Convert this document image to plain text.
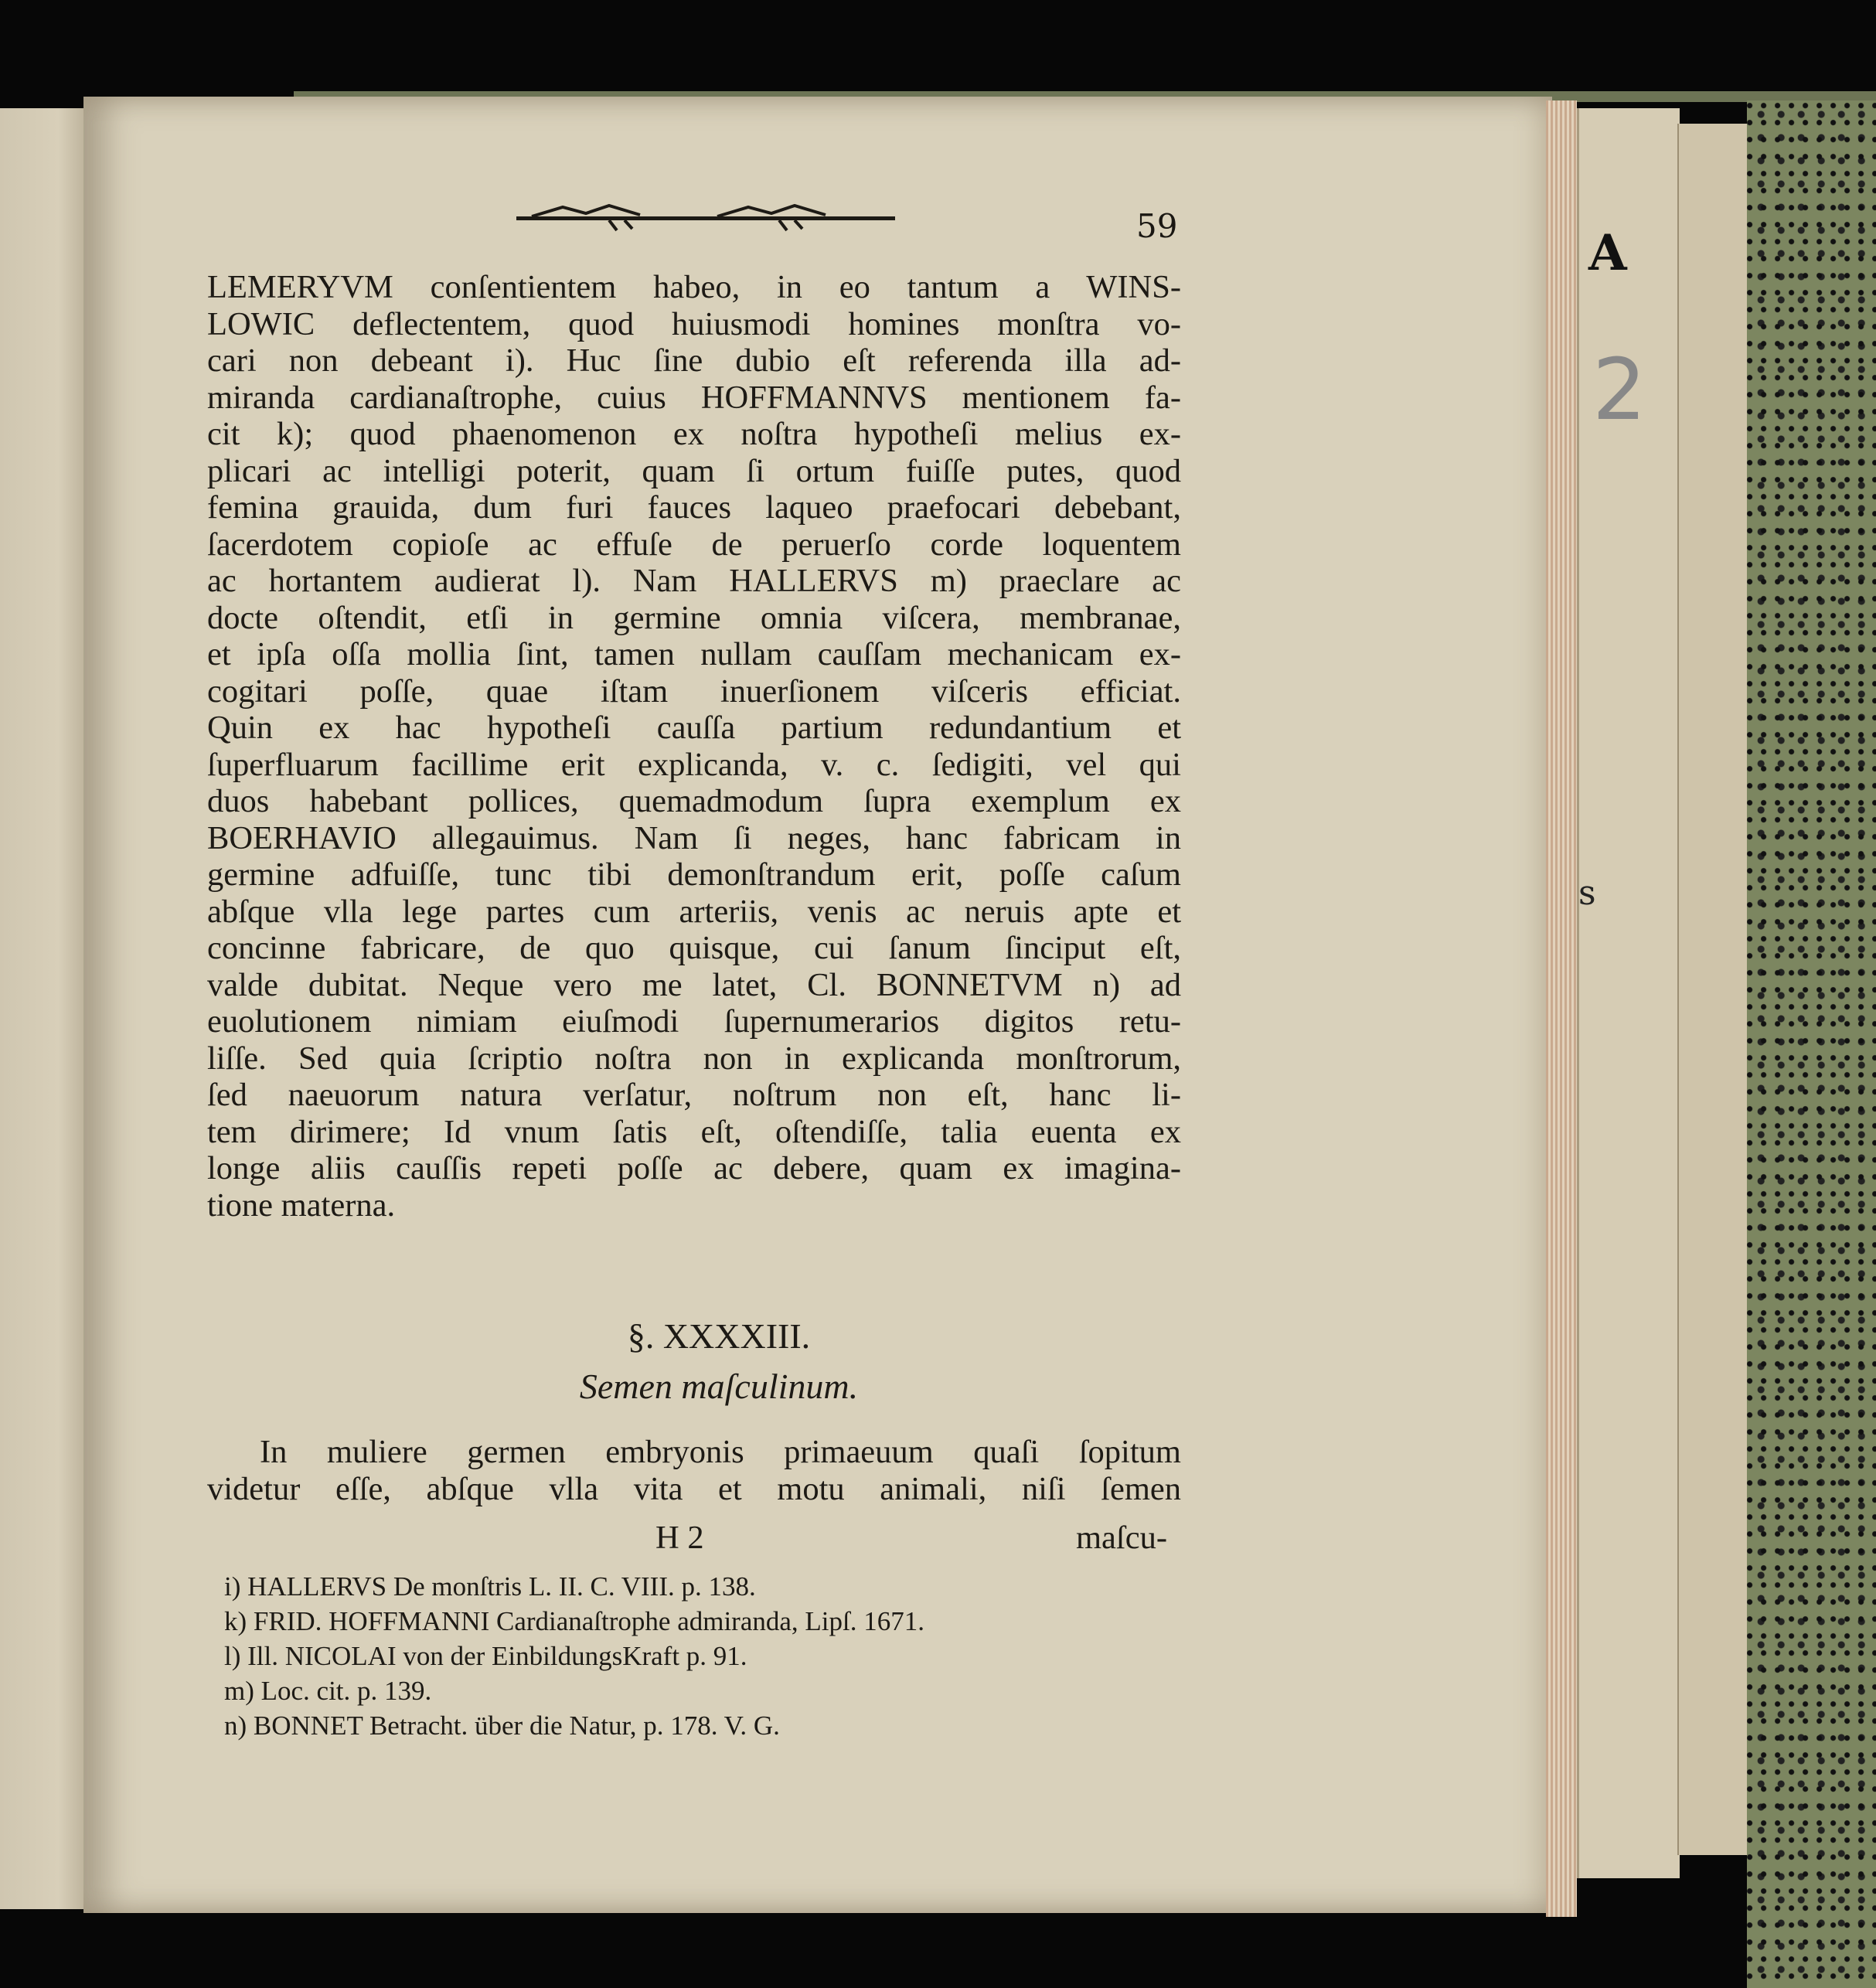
A
2
s
59
LEMERYVM conſentientem habeo, in eo tantum a WINS-
LOWIC deflectentem, quod huiusmodi homines monſtra vo-
cari non debeant i). Huc ſine dubio eſt referenda illa ad-
miranda cardianaſtrophe, cuius HOFFMANNVS mentionem fa-
cit k); quod phaenomenon ex noſtra hypotheſi melius ex-
plicari ac intelligi poterit, quam ſi ortum fuiſſe putes, quod
femina grauida, dum furi fauces laqueo praefocari debebant,
ſacerdotem copioſe ac effuſe de peruerſo corde loquentem
ac hortantem audierat l). Nam HALLERVS m) praeclare ac
docte oſtendit, etſi in germine omnia viſcera, membranae,
et ipſa oſſa mollia ſint, tamen nullam cauſſam mechanicam ex-
cogitari poſſe, quae iſtam inuerſionem viſceris efficiat.
Quin ex hac hypotheſi cauſſa partium redundantium et
ſuperfluarum facillime erit explicanda, v. c. ſedigiti, vel qui
duos habebant pollices, quemadmodum ſupra exemplum ex
BOERHAVIO allegauimus. Nam ſi neges, hanc fabricam in
germine adfuiſſe, tunc tibi demonſtrandum erit, poſſe caſum
abſque vlla lege partes cum arteriis, venis ac neruis apte et
concinne fabricare, de quo quisque, cui ſanum ſinciput eſt,
valde dubitat. Neque vero me latet, Cl. BONNETVM n) ad
euolutionem nimiam eiuſmodi ſupernumerarios digitos retu-
liſſe. Sed quia ſcriptio noſtra non in explicanda monſtrorum,
ſed naeuorum natura verſatur, noſtrum non eſt, hanc li-
tem dirimere; Id vnum ſatis eſt, oſtendiſſe, talia euenta ex
longe aliis cauſſis repeti poſſe ac debere, quam ex imagina-
tione materna.
§. XXXXIII.
Semen maſculinum.
In muliere germen embryonis primaeuum quaſi ſopitum
videtur eſſe, abſque vlla vita et motu animali, niſi ſemen
H 2	maſcu-
i) HALLERVS De monſtris L. II. C. VIII. p. 138.
k) FRID. HOFFMANNI Cardianaſtrophe admiranda, Lipſ. 1671.
l) Ill. NICOLAI von der EinbildungsKraft p. 91.
m) Loc. cit. p. 139.
n) BONNET Betracht. über die Natur, p. 178. V. G.
